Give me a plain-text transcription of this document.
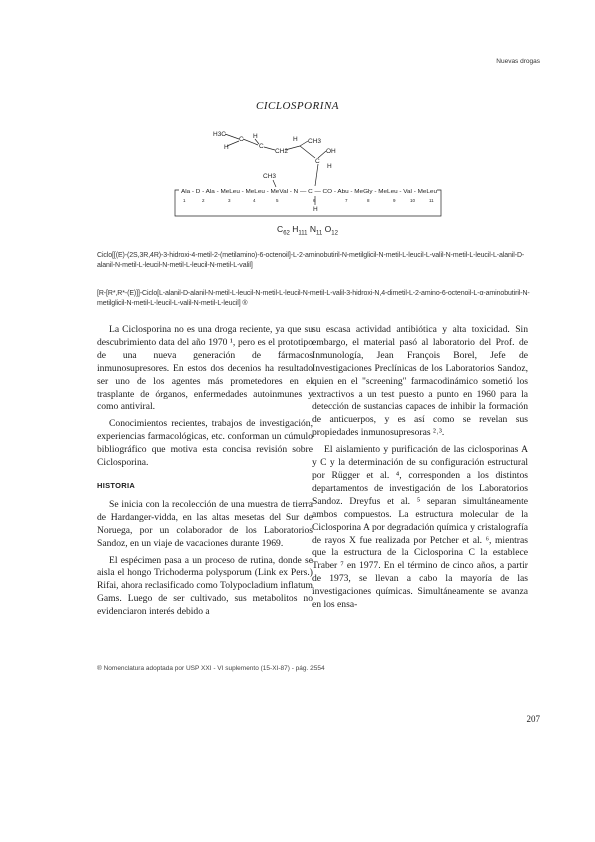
Nuevas drogas
CICLOSPORINA
H3C
C
H
H
C
CH2
H CH3
OH
C
H
CH3
Ala - D - Ala - MeLeu - MeLeu - MeVal - N — C — CO - Abu - MeGly - MeLeu - Val - MeLeu
1	2	3	4	5	6	7	8	9	10	11
H
$C_{62}$ $H_{111}$ $N_{11}$ $O_{12}$
Ciclo[[(E)-(2S,3R,4R)-3-hidroxi-4-metil-2-(metilamino)-6-octenoil]-L-2-aminobutiril-N-metilglicil-N-metil-L-leucil-L-valil-N-metil-L-leucil-L-alanil-D-alanil-N-metil-L-leucil-N-metil-L-leucil-N-metil-L-valil]
[R-[R*,R*-(E)]]-Ciclo[L-alanil-D-alanil-N-metil-L-leucil-N-metil-L-leucil-N-metil-L-valil-3-hidroxi-N,4-dimetil-L-2-amino-6-octenoil-L-α-aminobutiril-N-metilglicil-N-metil-L-leucil-L-valil-N-metil-L-leucil] ®

La Ciclosporina no es una droga reciente, ya que su descubrimiento data del año 1970 ¹, pero es el prototipo de una nueva generación de fármacos inmunosupresores. En estos dos decenios ha resultado ser uno de los agentes más prometedores en el trasplante de órganos, enfermedades autoinmunes y como antiviral.

Conocimientos recientes, trabajos de investigación, experiencias farmacológicas, etc. conforman un cúmulo bibliográfico que motiva esta concisa revisión sobre Ciclosporina.

HISTORIA

Se inicia con la recolección de una muestra de tierra de Hardanger-vidda, en las altas mesetas del Sur de Noruega, por un colaborador de los Laboratorios Sandoz, en un viaje de vacaciones durante 1969.

El espécimen pasa a un proceso de rutina, donde se aisla el hongo Trichoderma polysporum (Link ex Pers.) Rifai, ahora reclasificado como Tolypocladium inflatum Gams. Luego de ser cultivado, sus metabolitos no evidenciaron interés debido a

su escasa actividad antibiótica y alta toxicidad. Sin embargo, el material pasó al laboratorio del Prof. de Inmunología, Jean François Borel, Jefe de Investigaciones Preclínicas de los Laboratorios Sandoz, quien en el "screening" farmacodinámico sometió los extractivos a un test puesto a punto en 1960 para la detección de sustancias capaces de inhibir la formación de anticuerpos, y es así como se revelan sus propiedades inmunosupresoras ²˒³.

El aislamiento y purificación de las ciclosporinas A y C y la determinación de su configuración estructural por Rügger et al. ⁴, corresponden a los distintos departamentos de investigación de los Laboratorios Sandoz. Dreyfus et al. ⁵ separan simultáneamente ambos compuestos. La estructura molecular de la Ciclosporina A por degradación química y cristalografía de rayos X fue realizada por Petcher et al. ⁶, mientras que la estructura de la Ciclosporina C la establece Traber ⁷ en 1977. En el término de cinco años, a partir de 1973, se llevan a cabo la mayoría de las investigaciones químicas. Simultáneamente se avanza en los ensa-

® Nomenclatura adoptada por USP XXI - VI suplemento (15-XI-87) - pág. 2554
207
